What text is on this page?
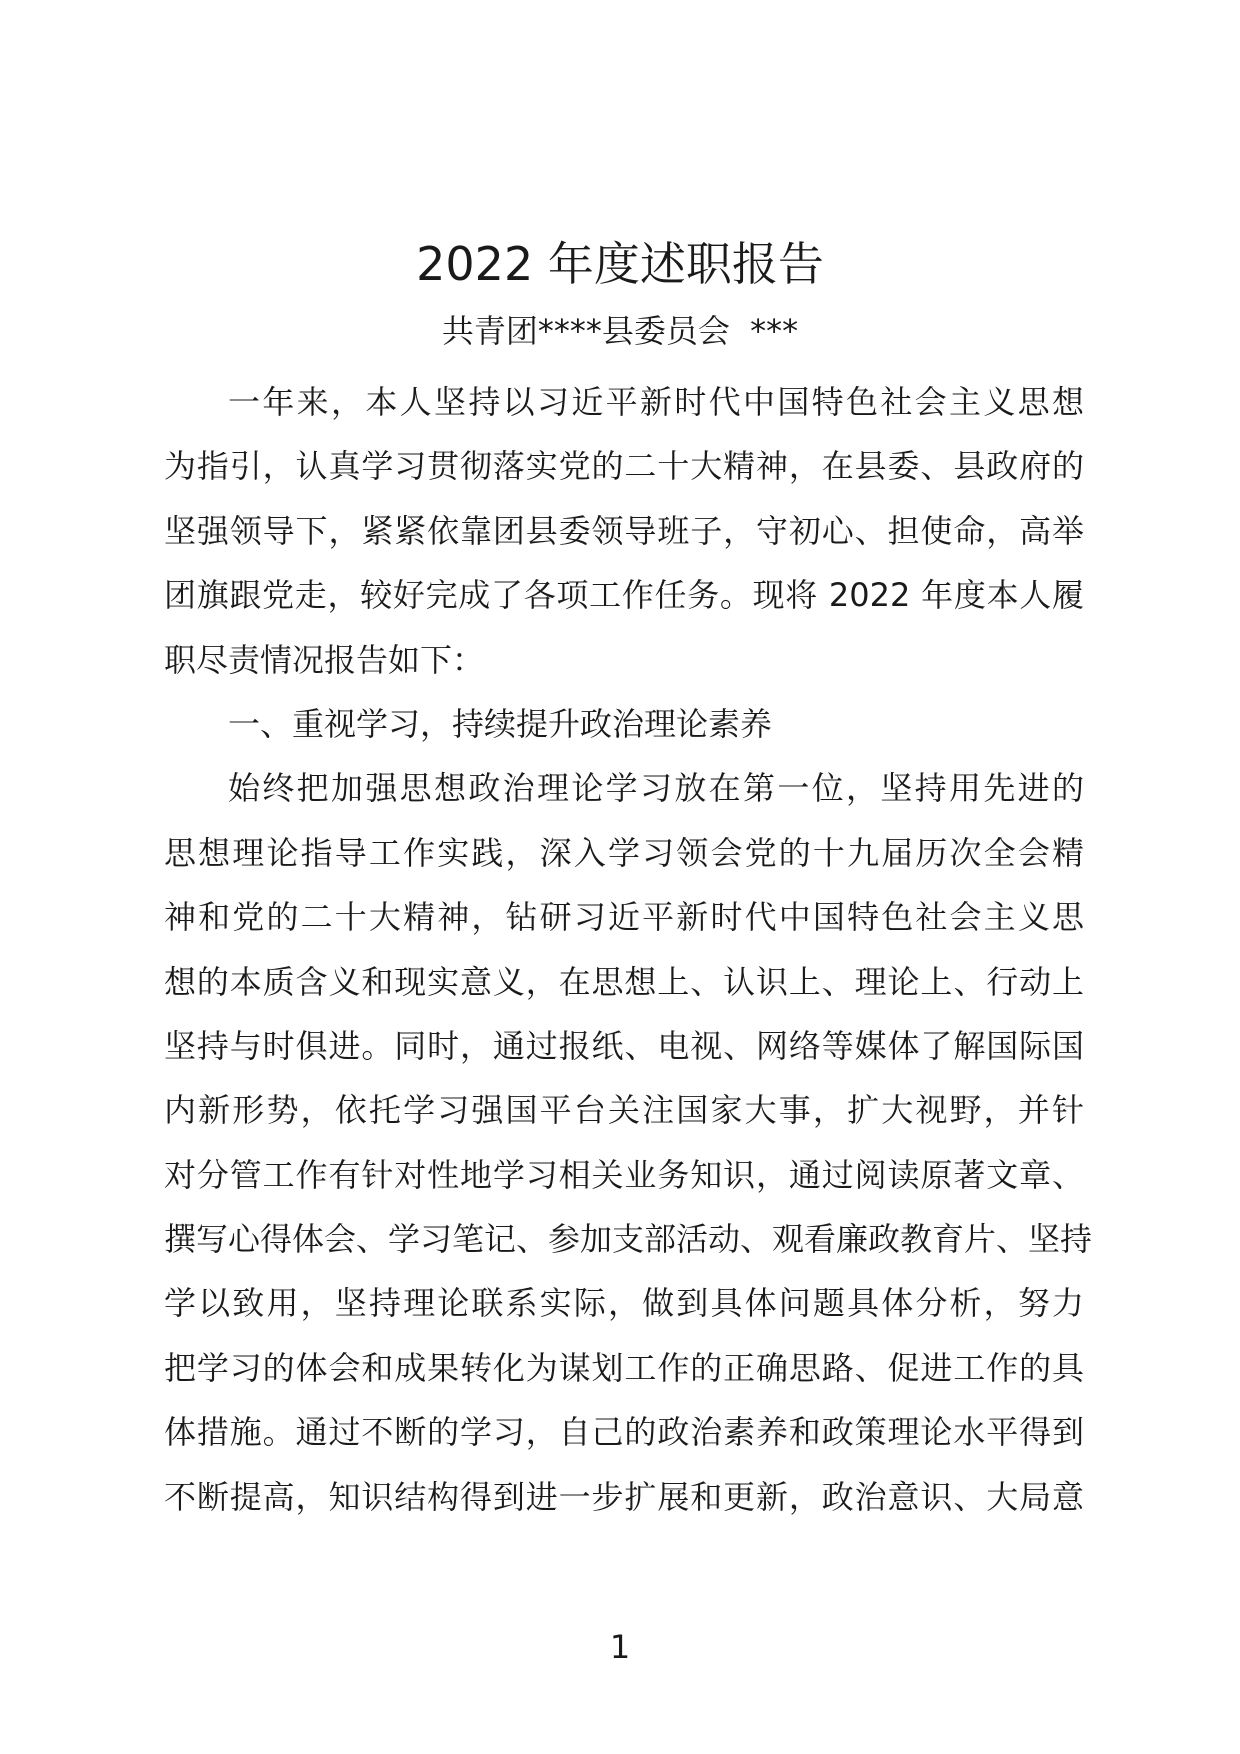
2022 年度述职报告
共青团****县委员会  ***
一年来，本人坚持以习近平新时代中国特色社会主义思想
为指引，认真学习贯彻落实党的二十大精神，在县委、县政府的
坚强领导下，紧紧依靠团县委领导班子，守初心、担使命，高举
团旗跟党走，较好完成了各项工作任务。现将 2022 年度本人履
职尽责情况报告如下：
一、重视学习，持续提升政治理论素养
始终把加强思想政治理论学习放在第一位，坚持用先进的
思想理论指导工作实践，深入学习领会党的十九届历次全会精
神和党的二十大精神，钻研习近平新时代中国特色社会主义思
想的本质含义和现实意义，在思想上、认识上、理论上、行动上
坚持与时俱进。同时，通过报纸、电视、网络等媒体了解国际国
内新形势，依托学习强国平台关注国家大事，扩大视野，并针
对分管工作有针对性地学习相关业务知识，通过阅读原著文章、
撰写心得体会、学习笔记、参加支部活动、观看廉政教育片、坚持
学以致用，坚持理论联系实际，做到具体问题具体分析，努力
把学习的体会和成果转化为谋划工作的正确思路、促进工作的具
体措施。通过不断的学习，自己的政治素养和政策理论水平得到
不断提高，知识结构得到进一步扩展和更新，政治意识、大局意
1
